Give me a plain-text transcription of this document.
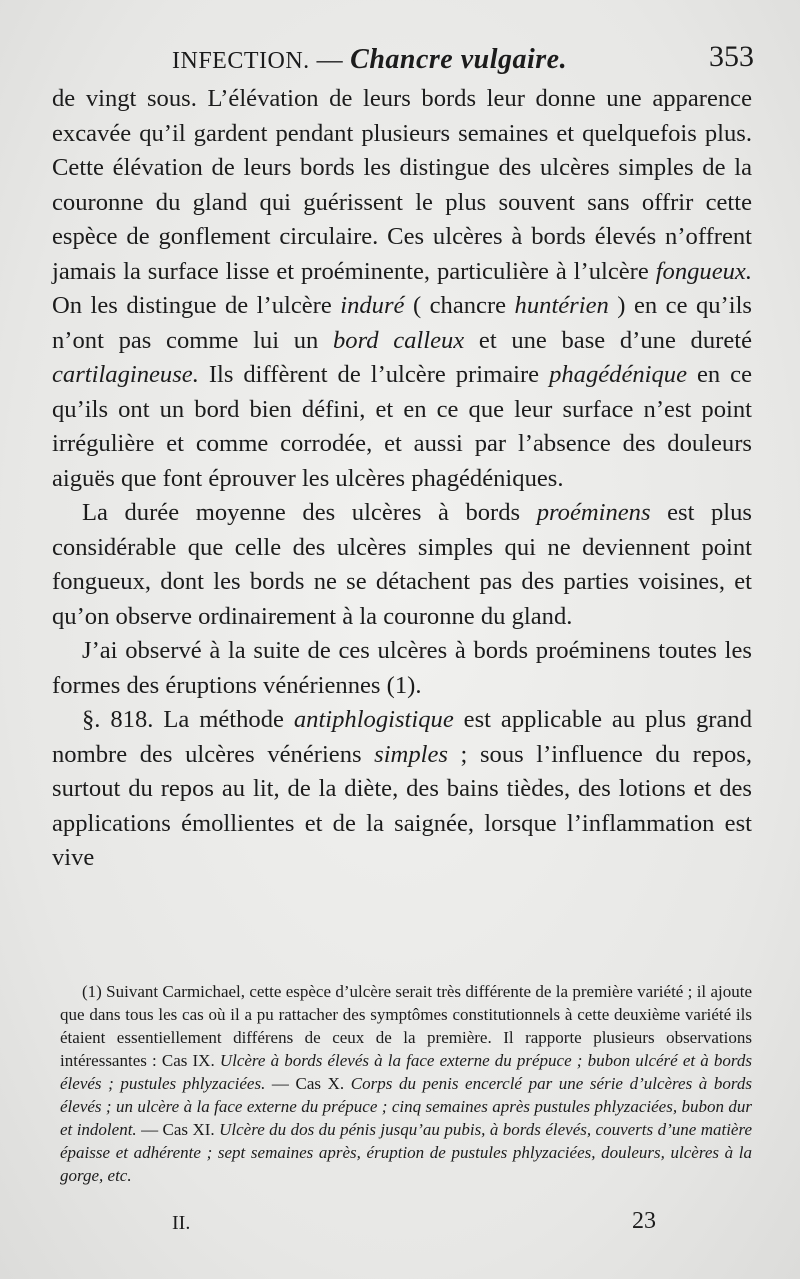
INFECTION. — Chancre vulgaire.	353

de vingt sous. L’élévation de leurs bords leur donne une apparence excavée qu’il gardent pendant plusieurs semaines et quelquefois plus. Cette élévation de leurs bords les distingue des ulcères simples de la couronne du gland qui guérissent le plus souvent sans offrir cette espèce de gonflement circulaire. Ces ulcères à bords élevés n’offrent jamais la surface lisse et proéminente, particulière à l’ulcère fongueux. On les distingue de l’ulcère induré ( chancre huntérien ) en ce qu’ils n’ont pas comme lui un bord calleux et une base d’une dureté cartilagineuse. Ils diffèrent de l’ulcère primaire phagédénique en ce qu’ils ont un bord bien défini, et en ce que leur surface n’est point irrégulière et comme corrodée, et aussi par l’absence des douleurs aiguës que font éprouver les ulcères phagédéniques.

La durée moyenne des ulcères à bords proéminens est plus considérable que celle des ulcères simples qui ne deviennent point fongueux, dont les bords ne se détachent pas des parties voisines, et qu’on observe ordinairement à la couronne du gland.

J’ai observé à la suite de ces ulcères à bords proéminens toutes les formes des éruptions vénériennes (1).

§. 818. La méthode antiphlogistique est applicable au plus grand nombre des ulcères vénériens simples ; sous l’influence du repos, surtout du repos au lit, de la diète, des bains tièdes, des lotions et des applications émollientes et de la saignée, lorsque l’inflammation est vive

(1) Suivant Carmichael, cette espèce d’ulcère serait très différente de la première variété ; il ajoute que dans tous les cas où il a pu rattacher des symptômes constitutionnels à cette deuxième variété ils étaient essentiellement différens de ceux de la première. Il rapporte plusieurs observations intéressantes : Cas IX. Ulcère à bords élevés à la face externe du prépuce ; bubon ulcéré et à bords élevés ; pustules phlyzaciées. — Cas X. Corps du penis encerclé par une série d’ulcères à bords élevés ; un ulcère à la face externe du prépuce ; cinq semaines après pustules phlyzaciées, bubon dur et indolent. — Cas XI. Ulcère du dos du pénis jusqu’au pubis, à bords élevés, couverts d’une matière épaisse et adhérente ; sept semaines après, éruption de pustules phlyzaciées, douleurs, ulcères à la gorge, etc.

II.	23
